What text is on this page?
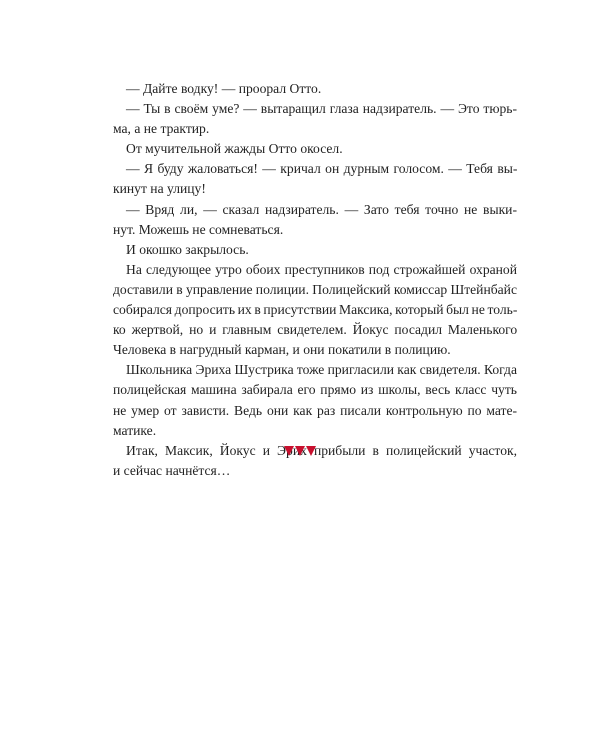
— Дайте водку! — проорал Отто.

— Ты в своём уме? — вытаращил глаза надзиратель. — Это тюрь-
ма, а не трактир.

От мучительной жажды Отто окосел.

— Я буду жаловаться! — кричал он дурным голосом. — Тебя вы-
кинут на улицу!

— Вряд ли, — сказал надзиратель. — Зато тебя точно не выки-
нут. Можешь не сомневаться.

И окошко закрылось.

На следующее утро обоих преступников под строжайшей охраной
доставили в управление полиции. Полицейский комиссар Штейнбайс
собирался допросить их в присутствии Максика, который был не толь-
ко жертвой, но и главным свидетелем. Йокус посадил Маленького
Человека в нагрудный карман, и они покатили в полицию.

Школьника Эриха Шустрика тоже пригласили как свидетеля. Когда
полицейская машина забирала его прямо из школы, весь класс чуть
не умер от зависти. Ведь они как раз писали контрольную по мате-
матике.

Итак, Максик, Йокус и Эрих прибыли в полицейский участок,
и сейчас начнётся…
